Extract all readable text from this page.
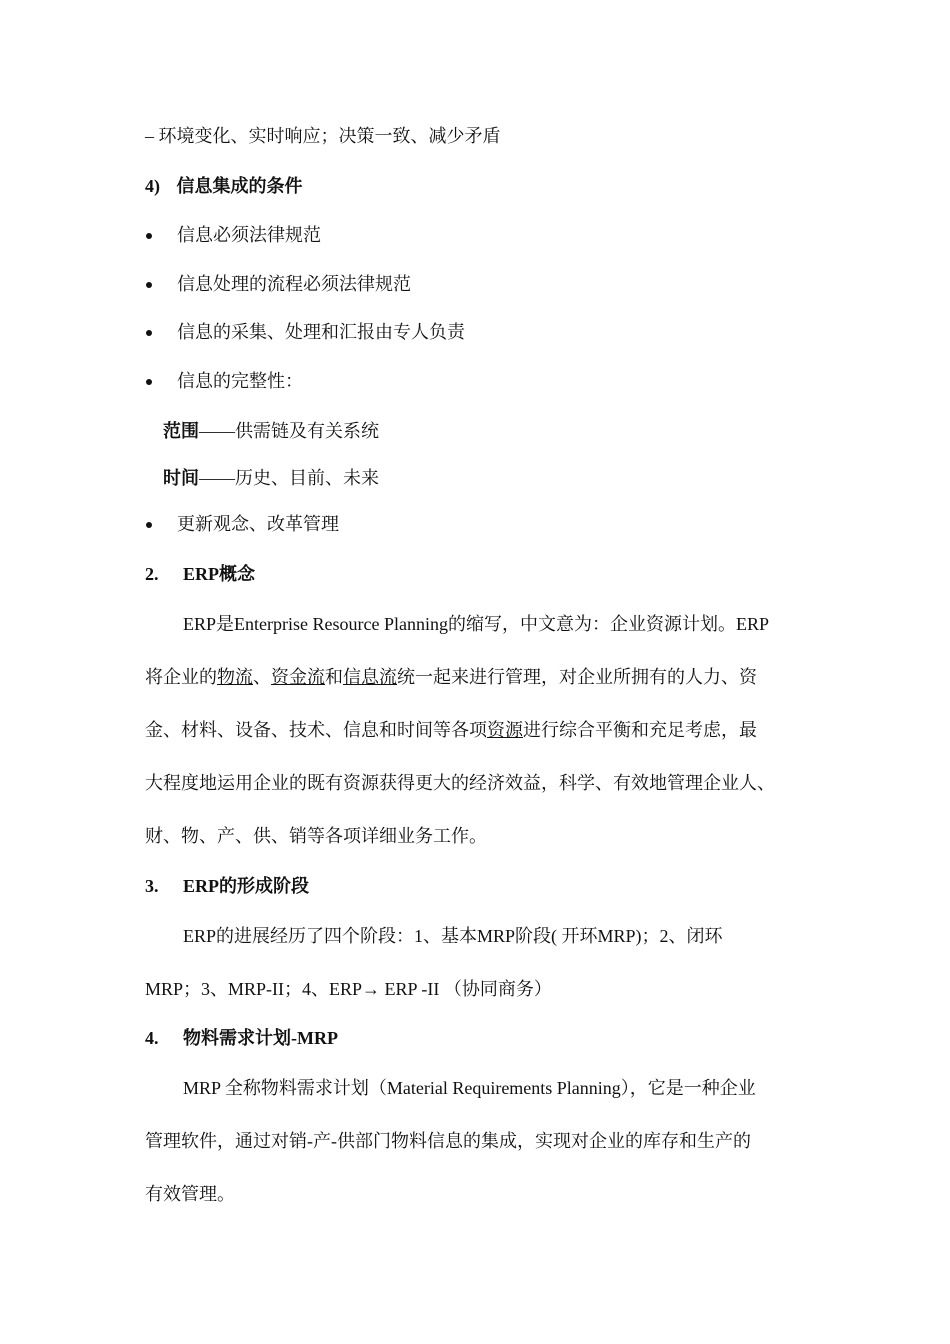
– 环境变化、实时响应；决策一致、减少矛盾
4) 信息集成的条件
信息必须法律规范
信息处理的流程必须法律规范
信息的采集、处理和汇报由专人负责
信息的完整性：
范围——供需链及有关系统
时间——历史、目前、未来
更新观念、改革管理
2. ERP概念
ERP是Enterprise Resource Planning的缩写，中文意为：企业资源计划。ERP
将企业的物流、资金流和信息流统一起来进行管理，对企业所拥有的人力、资
金、材料、设备、技术、信息和时间等各项资源进行综合平衡和充足考虑，最
大程度地运用企业的既有资源获得更大的经济效益，科学、有效地管理企业人、
财、物、产、供、销等各项详细业务工作。
3. ERP的形成阶段
ERP的进展经历了四个阶段：1、基本MRP阶段( 开环MRP)；2、闭环
MRP；3、MRP-II；4、ERP→ ERP -II （协同商务）
4. 物料需求计划-MRP
MRP 全称物料需求计划（Material Requirements Planning），它是一种企业
管理软件，通过对销-产-供部门物料信息的集成，实现对企业的库存和生产的
有效管理。
